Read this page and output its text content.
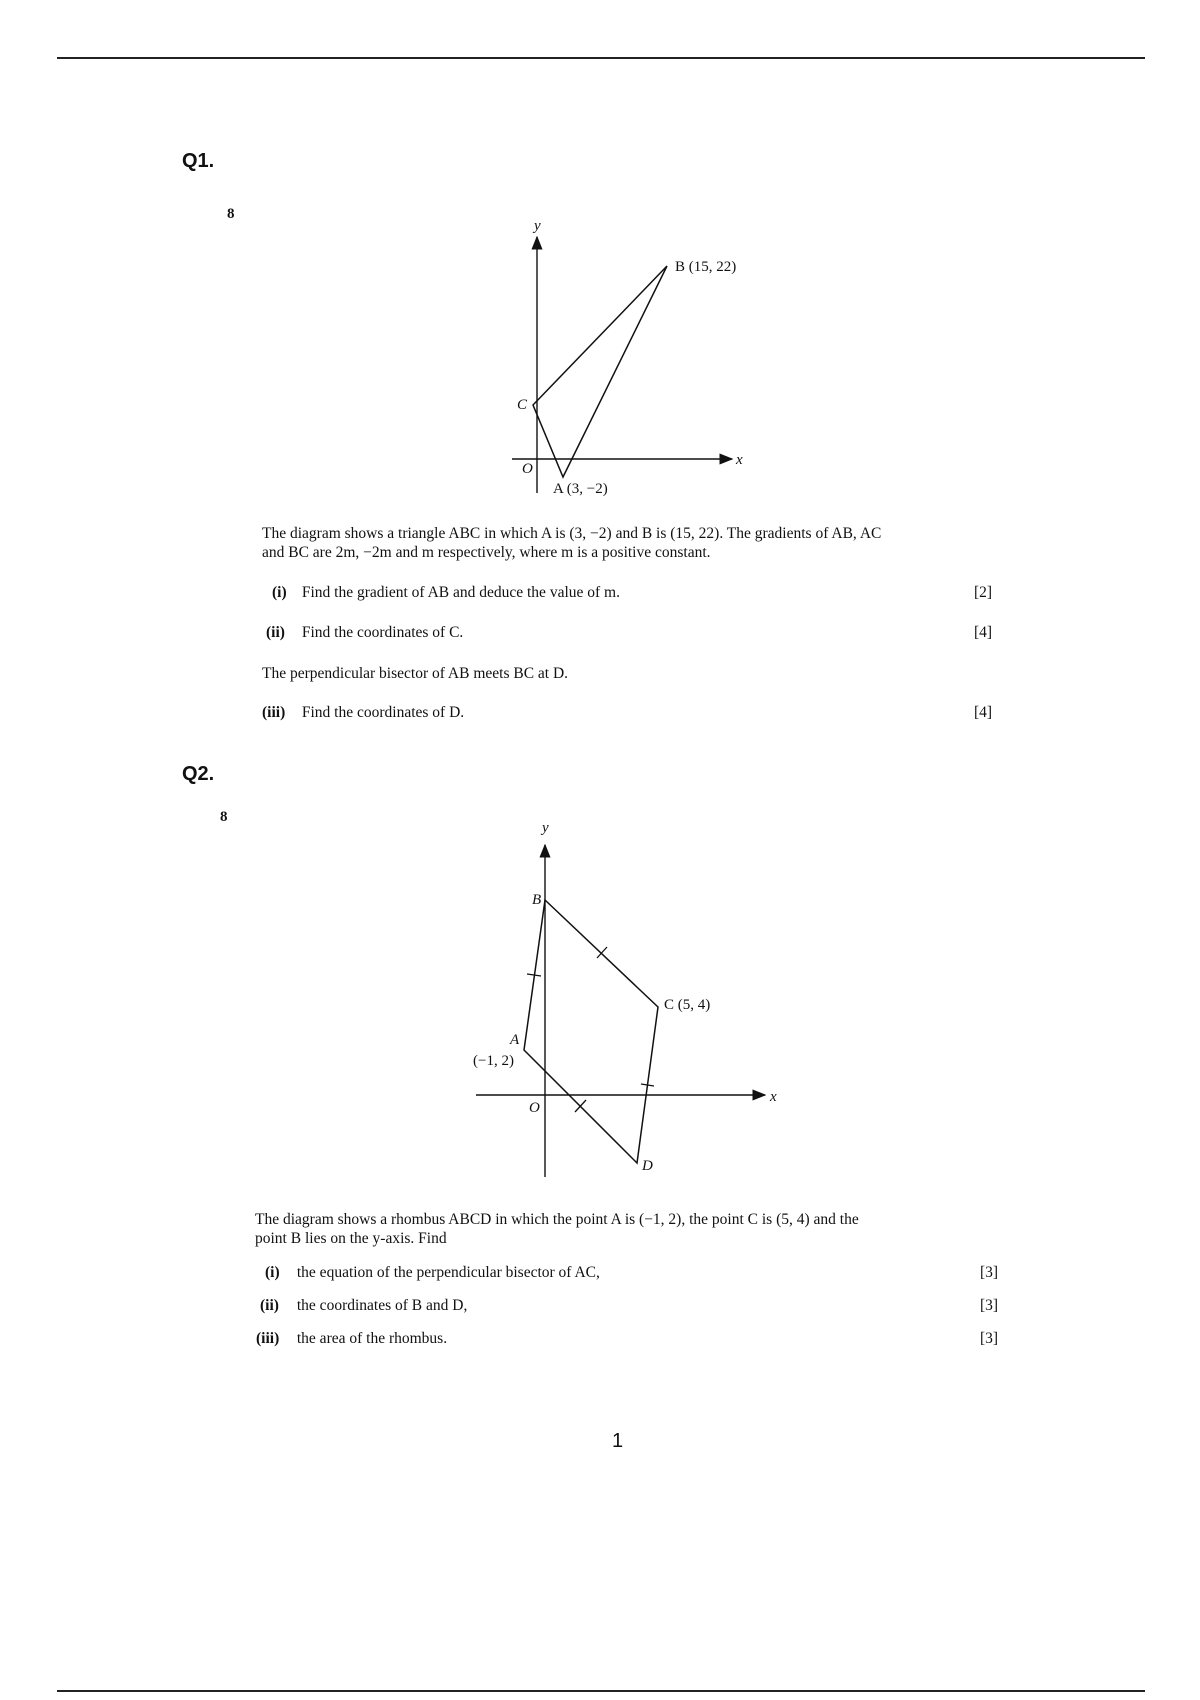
Q1.
8
y
x
O
B (15, 22)
C
A (3, −2)
The diagram shows a triangle ABC in which A is (3, −2) and B is (15, 22). The gradients of AB, AC
and BC are 2m, −2m and m respectively, where m is a positive constant.
(i) Find the gradient of AB and deduce the value of m.	[2]
(ii) Find the coordinates of C.	[4]
The perpendicular bisector of AB meets BC at D.
(iii) Find the coordinates of D.	[4]
Q2.
8
y
x
O
B
C (5, 4)
A
(−1, 2)
D
The diagram shows a rhombus ABCD in which the point A is (−1, 2), the point C is (5, 4) and the
point B lies on the y-axis. Find
(i) the equation of the perpendicular bisector of AC,	[3]
(ii) the coordinates of B and D,	[3]
(iii) the area of the rhombus.	[3]
1
